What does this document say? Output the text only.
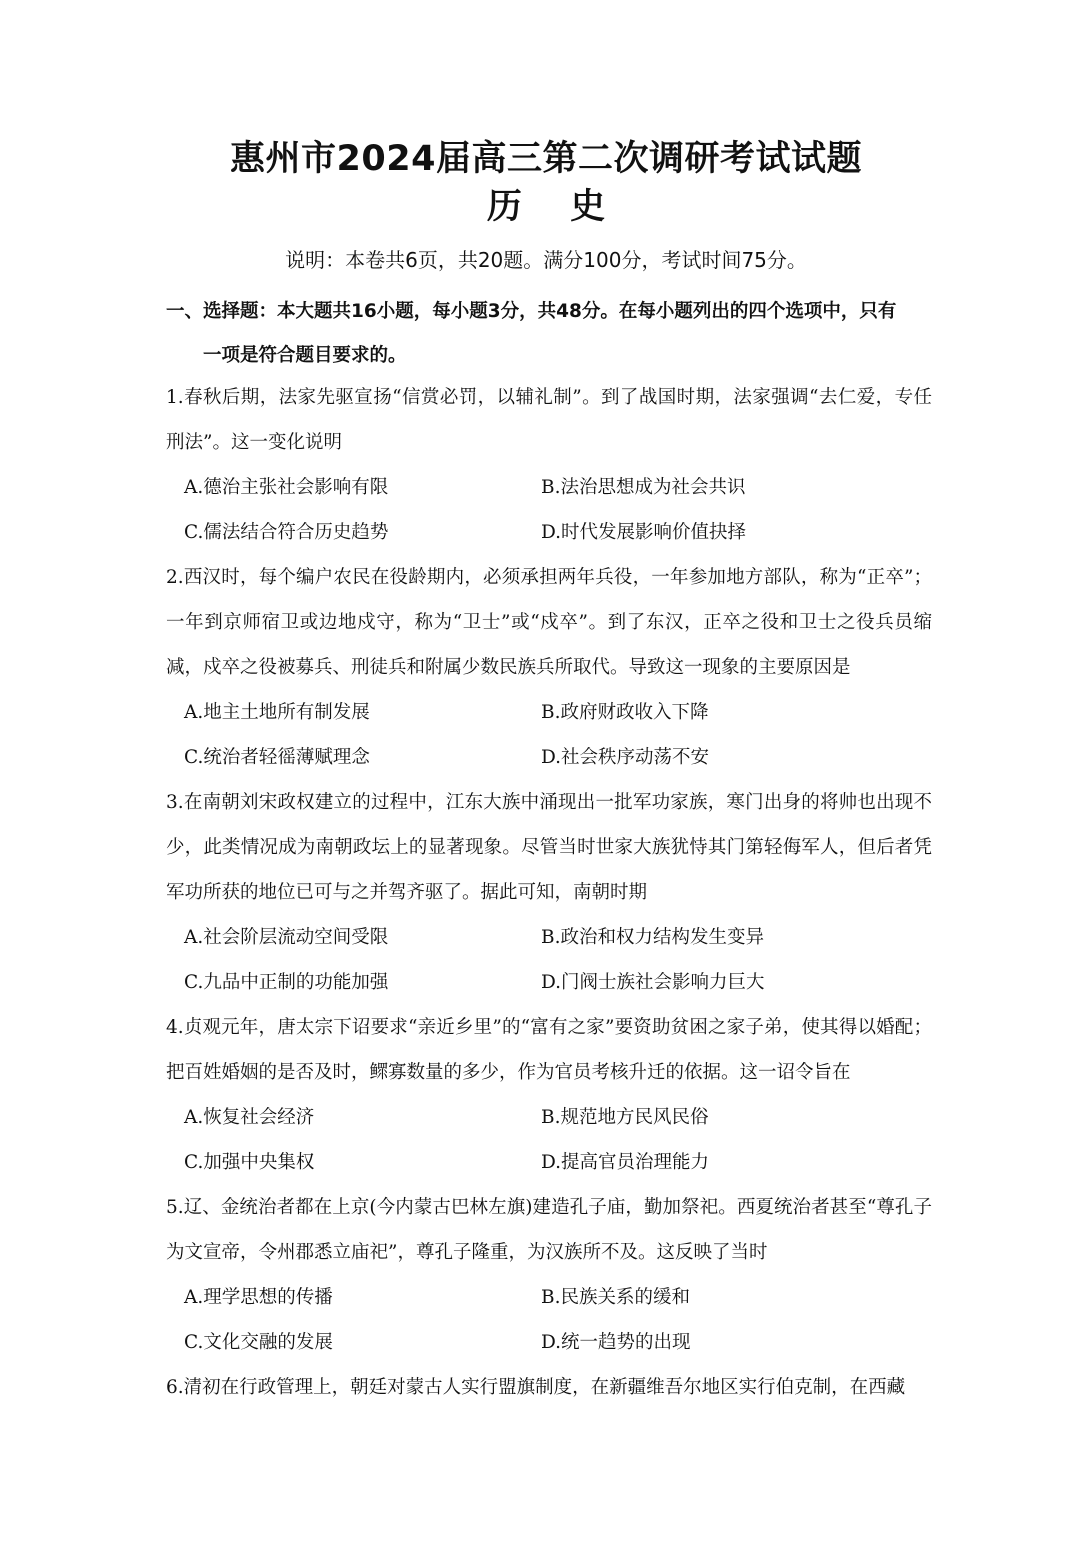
惠州市2024届高三第二次调研考试试题
历 史
说明：本卷共6页，共20题。满分100分，考试时间75分。
一、选择题：本大题共16小题，每小题3分，共48分。在每小题列出的四个选项中，只有
一项是符合题目要求的。

1.春秋后期，法家先驱宣扬“信赏必罚，以辅礼制”。到了战国时期，法家强调“去仁爱，专任刑法”。这一变化说明

A.德治主张社会影响有限	B.法治思想成为社会共识
C.儒法结合符合历史趋势	D.时代发展影响价值抉择

2.西汉时，每个编户农民在役龄期内，必须承担两年兵役，一年参加地方部队，称为“正卒”；一年到京师宿卫或边地戍守，称为“卫士”或“戍卒”。到了东汉，正卒之役和卫士之役兵员缩减，戍卒之役被募兵、刑徒兵和附属少数民族兵所取代。导致这一现象的主要原因是

A.地主土地所有制发展	B.政府财政收入下降
C.统治者轻徭薄赋理念	D.社会秩序动荡不安

3.在南朝刘宋政权建立的过程中，江东大族中涌现出一批军功家族，寒门出身的将帅也出现不少，此类情况成为南朝政坛上的显著现象。尽管当时世家大族犹恃其门第轻侮军人，但后者凭军功所获的地位已可与之并驾齐驱了。据此可知，南朝时期

A.社会阶层流动空间受限	B.政治和权力结构发生变异
C.九品中正制的功能加强	D.门阀士族社会影响力巨大

4.贞观元年，唐太宗下诏要求“亲近乡里”的“富有之家”要资助贫困之家子弟，使其得以婚配；把百姓婚姻的是否及时，鳏寡数量的多少，作为官员考核升迁的依据。这一诏令旨在

A.恢复社会经济	B.规范地方民风民俗
C.加强中央集权	D.提高官员治理能力

5.辽、金统治者都在上京(今内蒙古巴林左旗)建造孔子庙，勤加祭祀。西夏统治者甚至“尊孔子为文宣帝，令州郡悉立庙祀”，尊孔子隆重，为汉族所不及。这反映了当时

A.理学思想的传播	B.民族关系的缓和
C.文化交融的发展	D.统一趋势的出现

6.清初在行政管理上，朝廷对蒙古人实行盟旗制度，在新疆维吾尔地区实行伯克制，在西藏
